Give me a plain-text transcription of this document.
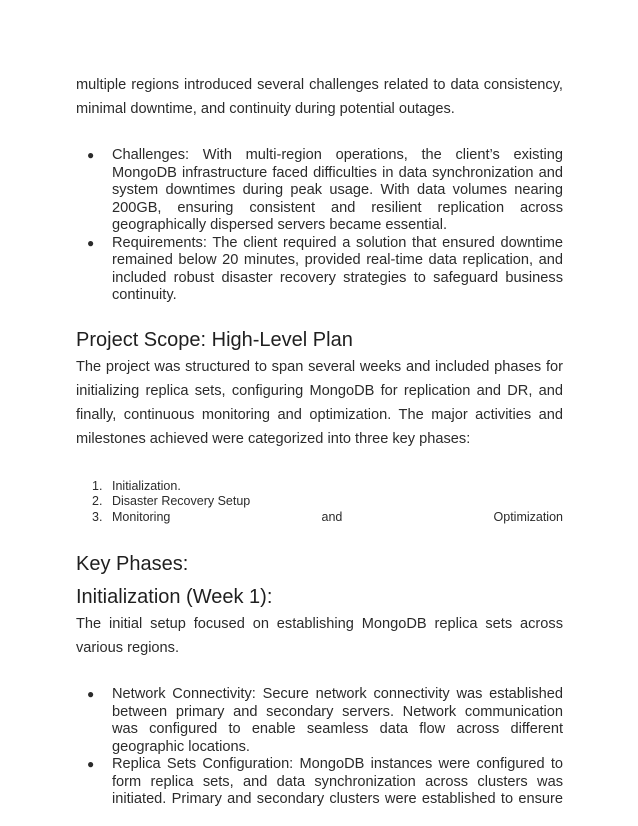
multiple regions introduced several challenges related to data consistency, minimal downtime, and continuity during potential outages.

● Challenges: With multi-region operations, the client’s existing MongoDB infrastructure faced difficulties in data synchronization and system downtimes during peak usage. With data volumes nearing 200GB, ensuring consistent and resilient replication across geographically dispersed servers became essential.
● Requirements: The client required a solution that ensured downtime remained below 20 minutes, provided real-time data replication, and included robust disaster recovery strategies to safeguard business continuity.
Project Scope: High-Level Plan

The project was structured to span several weeks and included phases for initializing replica sets, configuring MongoDB for replication and DR, and finally, continuous monitoring and optimization. The major activities and milestones achieved were categorized into three key phases:

1. Initialization.
2. Disaster Recovery Setup
3. Monitoring	and	Optimization
Key Phases:
Initialization (Week 1):

The initial setup focused on establishing MongoDB replica sets across various regions.

● Network Connectivity: Secure network connectivity was established between primary and secondary servers. Network communication was configured to enable seamless data flow across different geographic locations.
● Replica Sets Configuration: MongoDB instances were configured to form replica sets, and data synchronization across clusters was initiated. Primary and secondary clusters were established to ensure
